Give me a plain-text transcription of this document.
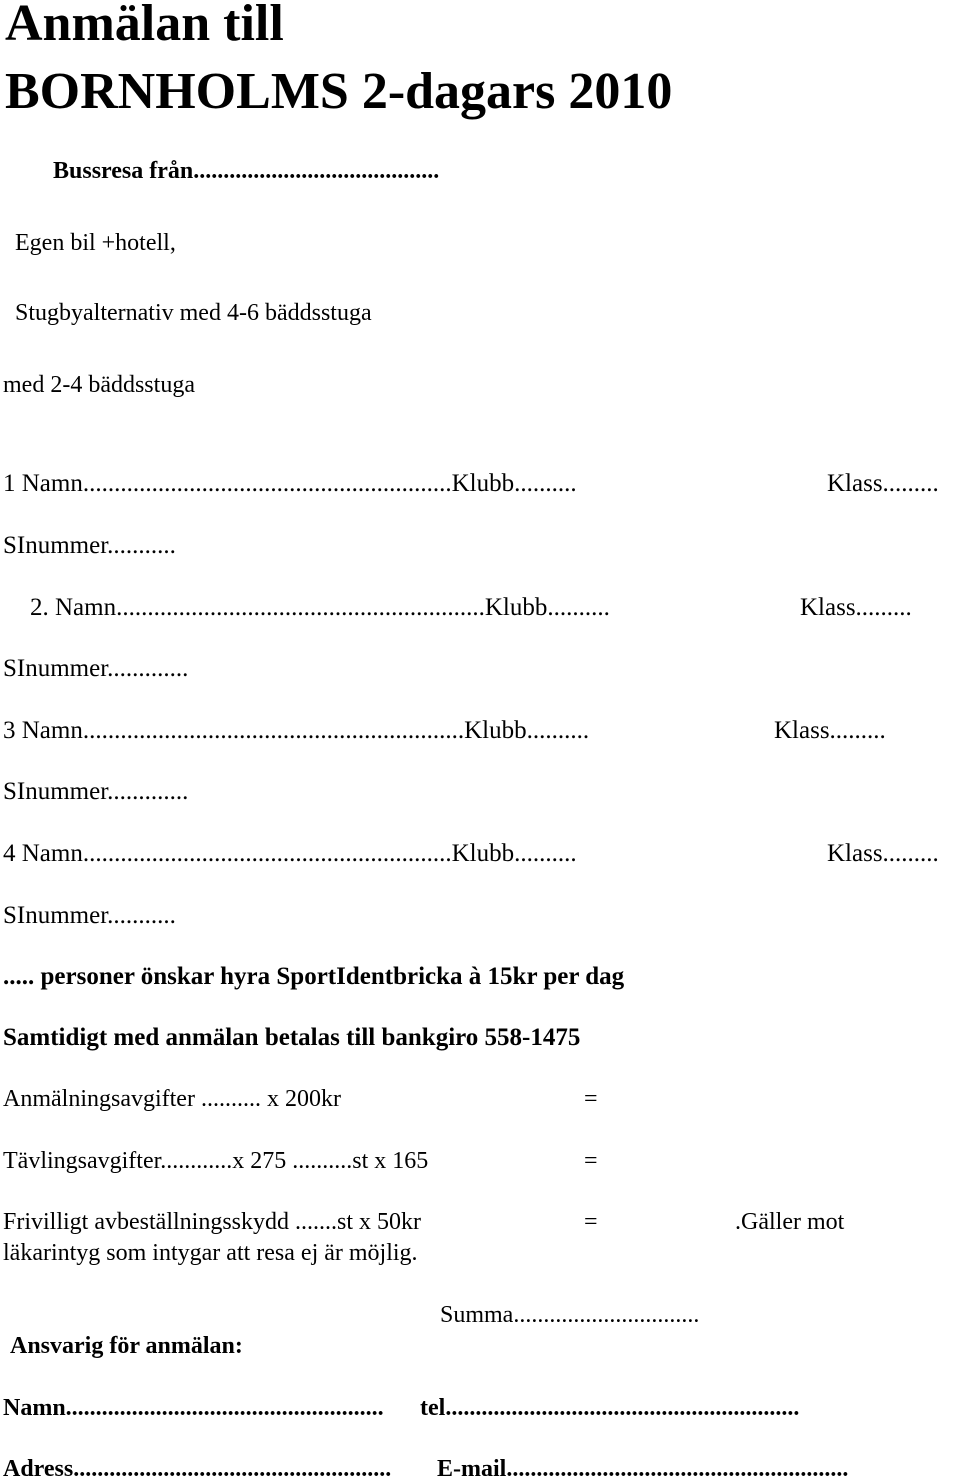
Anmälan till
BORNHOLMS 2-dagars 2010
Bussresa från.........................................
Egen bil +hotell,
Stugbyalternativ med 4-6 bäddsstuga
med 2-4 bäddsstuga
1 Namn...........................................................Klubb..........	Klass.........
SInummer...........
2. Namn...........................................................Klubb..........	Klass.........
SInummer.............
3 Namn.............................................................Klubb..........	Klass.........
SInummer.............
4 Namn...........................................................Klubb..........	Klass.........
SInummer...........
..... personer önskar hyra SportIdentbricka à 15kr per dag
Samtidigt med anmälan betalas till bankgiro 558-1475
Anmälningsavgifter .......... x 200kr	=
Tävlingsavgifter............x 275 ..........st x 165	=
Frivilligt avbeställningsskydd .......st x 50kr	=	.Gäller mot
läkarintyg som intygar att resa ej är möjlig.
Summa...............................
Ansvarig för anmälan:
Namn..................................................... tel...........................................................
Adress..................................................... E-mail.........................................................
